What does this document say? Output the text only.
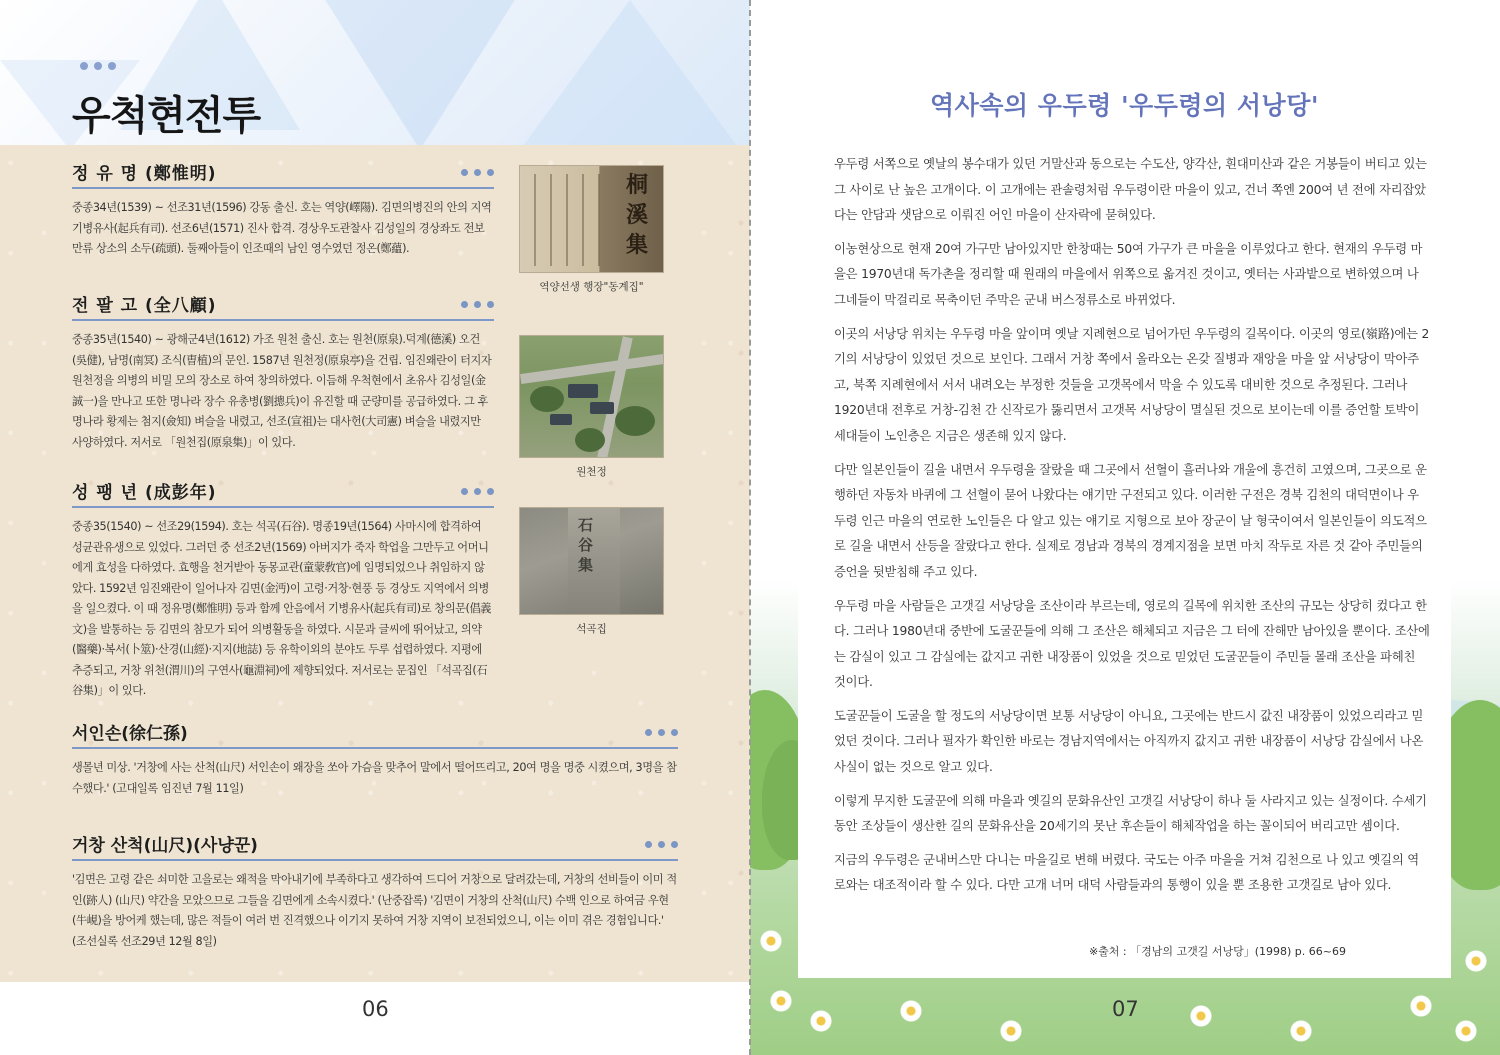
우척현전투
정 유 명 (鄭惟明)

중종34년(1539) ~ 선조31년(1596) 강동 출신. 호는 역양(嶧陽). 김면의병진의 안의 지역 기병유사(起兵有司). 선조6년(1571) 진사 합격. 경상우도관찰사 김성일의 경상좌도 전보 만류 상소의 소두(疏頭). 둘째아들이 인조때의 남인 영수였던 정온(鄭蘊).

전 팔 고 (全八顧)

중종35년(1540) ~ 광해군4년(1612) 가조 원천 출신. 호는 원천(原泉).덕계(德溪) 오건(吳健), 남명(南冥) 조식(曺植)의 문인. 1587년 원천정(原泉亭)을 건립. 임진왜란이 터지자 원천정을 의병의 비밀 모의 장소로 하여 창의하였다. 이듬해 우척현에서 초유사 김성일(金誠一)을 만나고 또한 명나라 장수 유총병(劉摠兵)이 유진할 때 군량미를 공급하였다. 그 후 명나라 황제는 첨지(僉知) 벼슬을 내렸고, 선조(宣祖)는 대사헌(大司憲) 벼슬을 내렸지만 사양하였다. 저서로 「원천집(原泉集)」이 있다.

성 팽 년 (成彭年)

중종35(1540) ~ 선조29(1594). 호는 석곡(石谷). 명종19년(1564) 사마시에 합격하여 성균관유생으로 있었다. 그러던 중 선조2년(1569) 아버지가 죽자 학업을 그만두고 어머니에게 효성을 다하였다. 효행을 천거받아 동몽교관(童蒙敎官)에 임명되었으나 취임하지 않았다. 1592년 임진왜란이 일어나자 김면(金沔)이 고령·거창·현풍 등 경상도 지역에서 의병을 일으켰다. 이 때 정유명(鄭惟明) 등과 함께 안음에서 기병유사(起兵有司)로 창의문(倡義文)을 발통하는 등 김면의 참모가 되어 의병활동을 하였다. 시문과 글씨에 뛰어났고, 의약(醫藥)·복서(卜筮)·산경(山經)·지지(地誌) 등 유학이외의 분야도 두루 섭렵하였다. 지평에 추증되고, 거창 위천(渭川)의 구연사(龜淵祠)에 제향되었다. 저서로는 문집인 「석곡집(石谷集)」이 있다.

서인손(徐仁孫)

생몰년 미상. '거창에 사는 산척(山尺) 서인손이 왜장을 쏘아 가슴을 맞추어 말에서 떨어뜨리고, 20여 명을 명중 시켰으며, 3명을 참수했다.' (고대일록 임진년 7월 11일)

거창 산척(山尺)(사냥꾼)

'김면은 고령 같은 쇠미한 고을로는 왜적을 막아내기에 부족하다고 생각하여 드디어 거창으로 달려갔는데, 거창의 선비들이 이미 적인(跡人) (山尺) 약간을 모았으므로 그들을 김면에게 소속시켰다.' (난중잡록) '김면이 거창의 산척(山尺) 수백 인으로 하여금 우현(牛峴)을 방어케 했는데, 많은 적들이 여러 번 진격했으나 이기지 못하여 거창 지역이 보전되었으니, 이는 이미 겪은 경험입니다.' (조선실록 선조29년 12월 8일)

桐
溪
集
역양선생 행장"동계집"
원천정
石
谷
集
석곡집
06
역사속의 우두령 '우두령의 서낭당'

우두령 서쪽으로 옛날의 봉수대가 있던 거말산과 동으로는 수도산, 양각산, 흰대미산과 같은 거봉들이 버티고 있는 그 사이로 난 높은 고개이다. 이 고개에는 관솔령처럼 우두령이란 마을이 있고, 건너 쪽엔 200여 년 전에 자리잡았다는 안담과 샛담으로 이뤄진 어인 마을이 산자락에 묻혀있다.

이농현상으로 현재 20여 가구만 남아있지만 한창때는 50여 가구가 큰 마을을 이루었다고 한다. 현재의 우두령 마을은 1970년대 독가촌을 정리할 때 원래의 마을에서 위쪽으로 옮겨진 것이고, 옛터는 사과밭으로 변하였으며 나그네들이 막걸리로 목축이던 주막은 군내 버스정류소로 바뀌었다.

이곳의 서낭당 위치는 우두령 마을 앞이며 옛날 지례현으로 넘어가던 우두령의 길목이다. 이곳의 영로(嶺路)에는 2기의 서낭당이 있었던 것으로 보인다. 그래서 거창 쪽에서 올라오는 온갖 질병과 재앙을 마을 앞 서낭당이 막아주고, 북쪽 지례현에서 서서 내려오는 부정한 것들을 고갯목에서 막을 수 있도록 대비한 것으로 추정된다. 그러나 1920년대 전후로 거창-김천 간 신작로가 뚫리면서 고갯목 서낭당이 멸실된 것으로 보이는데 이를 증언할 토박이 세대들이 노인층은 지금은 생존해 있지 않다.

다만 일본인들이 길을 내면서 우두령을 잘랐을 때 그곳에서 선혈이 흘러나와 개울에 흥건히 고였으며, 그곳으로 운행하던 자동차 바퀴에 그 선혈이 묻어 나왔다는 얘기만 구전되고 있다. 이러한 구전은 경북 김천의 대덕면이나 우두령 인근 마을의 연로한 노인들은 다 알고 있는 얘기로 지형으로 보아 장군이 날 형국이여서 일본인들이 의도적으로 길을 내면서 산등을 잘랐다고 한다. 실제로 경남과 경북의 경계지점을 보면 마치 작두로 자른 것 같아 주민들의 증언을 뒷받침해 주고 있다.

우두령 마을 사람들은 고갯길 서낭당을 조산이라 부르는데, 영로의 길목에 위치한 조산의 규모는 상당히 컸다고 한다. 그러나 1980년대 중반에 도굴꾼들에 의해 그 조산은 해체되고 지금은 그 터에 잔해만 남아있을 뿐이다. 조산에는 감실이 있고 그 감실에는 값지고 귀한 내장품이 있었을 것으로 믿었던 도굴꾼들이 주민들 몰래 조산을 파헤친 것이다.

도굴꾼들이 도굴을 할 정도의 서낭당이면 보통 서낭당이 아니요, 그곳에는 반드시 값진 내장품이 있었으리라고 믿었던 것이다. 그러나 필자가 확인한 바로는 경남지역에서는 아직까지 값지고 귀한 내장품이 서낭당 감실에서 나온 사실이 없는 것으로 알고 있다.

이렇게 무지한 도굴꾼에 의해 마을과 옛길의 문화유산인 고갯길 서낭당이 하나 둘 사라지고 있는 실정이다. 수세기 동안 조상들이 생산한 길의 문화유산을 20세기의 못난 후손들이 해체작업을 하는 꼴이되어 버리고만 셈이다.

지금의 우두령은 군내버스만 다니는 마을길로 변해 버렸다. 국도는 아주 마을을 거쳐 김천으로 나 있고 옛길의 역로와는 대조적이라 할 수 있다. 다만 고개 너머 대덕 사람들과의 통행이 있을 뿐 조용한 고갯길로 남아 있다.

※출처 : 「경남의 고갯길 서낭당」(1998) p. 66~69
07
